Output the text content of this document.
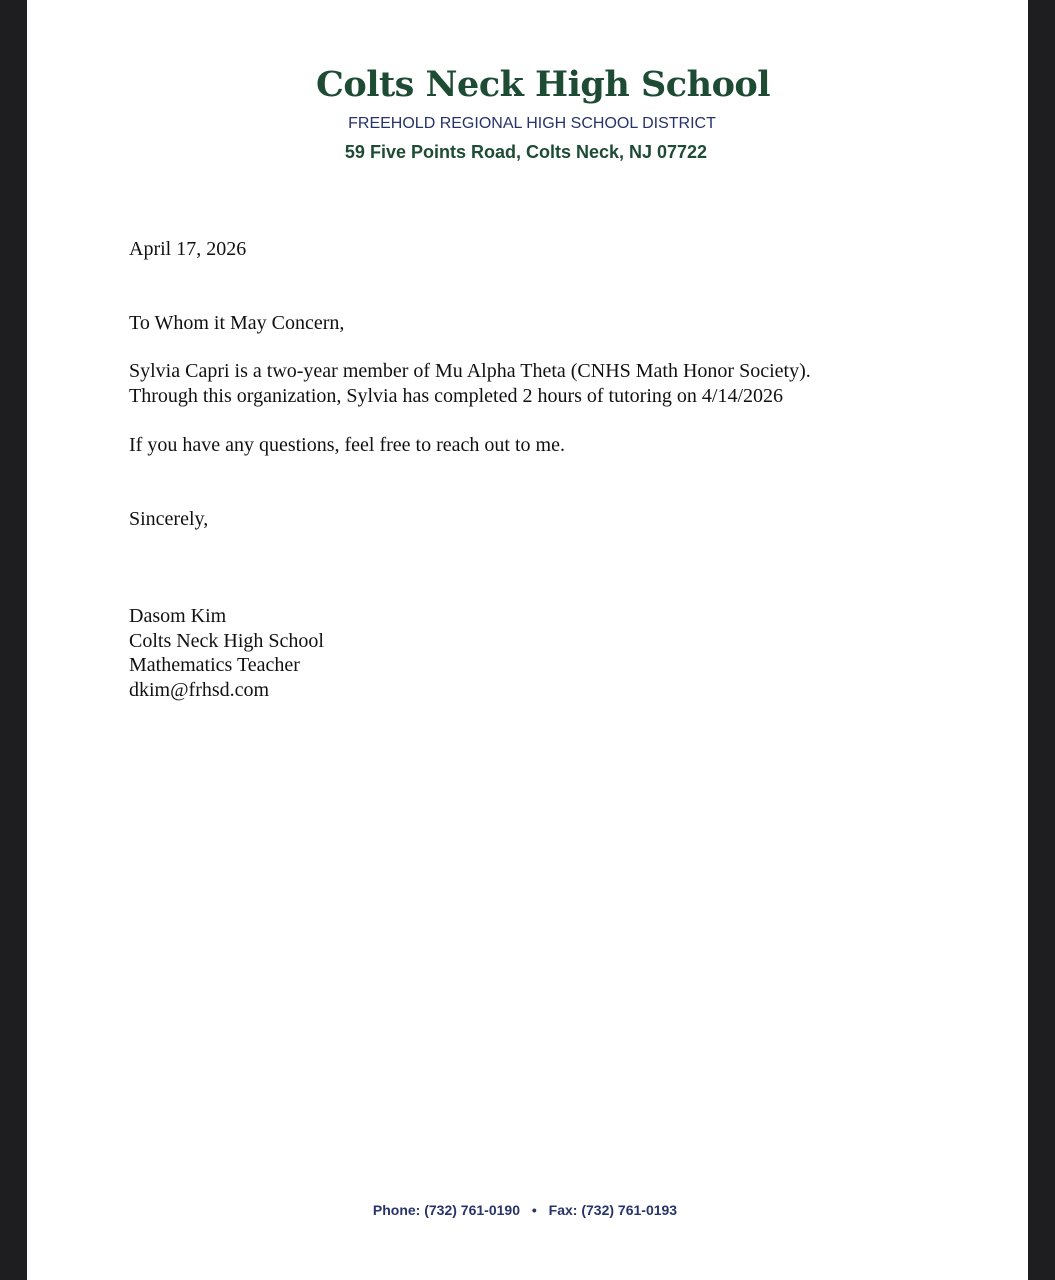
Colts Neck High School
FREEHOLD REGIONAL HIGH SCHOOL DISTRICT
59 Five Points Road, Colts Neck, NJ 07722
April 17, 2026
To Whom it May Concern,
Sylvia Capri is a two-year member of Mu Alpha Theta (CNHS Math Honor Society).
Through this organization, Sylvia has completed 2 hours of tutoring on 4/14/2026
If you have any questions, feel free to reach out to me.
Sincerely,
Dasom Kim
Colts Neck High School
Mathematics Teacher
dkim@frhsd.com
Phone: (732) 761-0190 • Fax: (732) 761-0193
